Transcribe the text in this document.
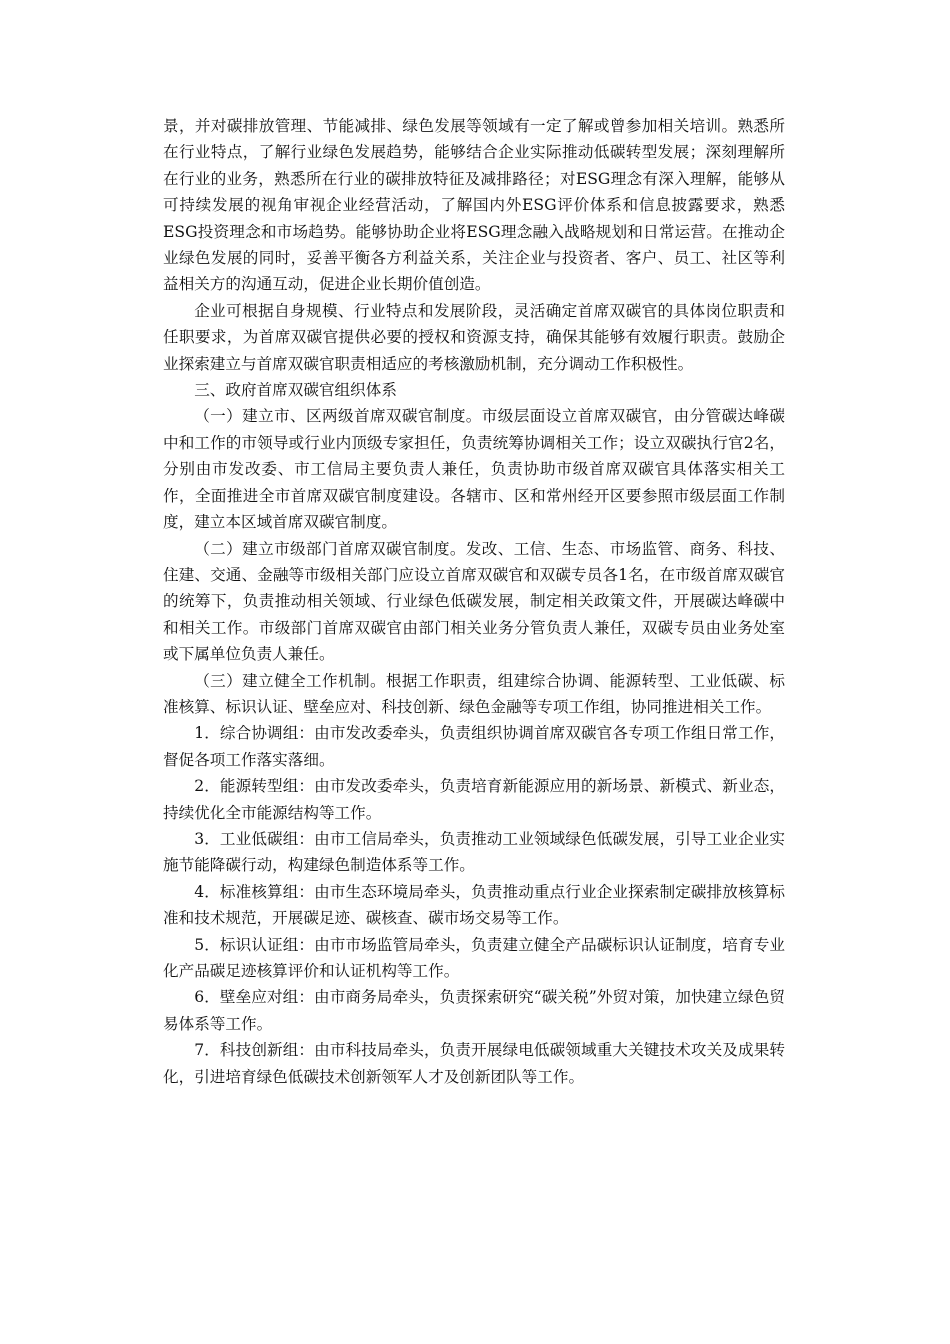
景，并对碳排放管理、节能减排、绿色发展等领域有一定了解或曾参加相关培训。熟悉所在行业特点，了解行业绿色发展趋势，能够结合企业实际推动低碳转型发展；深刻理解所在行业的业务，熟悉所在行业的碳排放特征及减排路径；对ESG理念有深入理解，能够从可持续发展的视角审视企业经营活动，了解国内外ESG评价体系和信息披露要求，熟悉ESG投资理念和市场趋势。能够协助企业将ESG理念融入战略规划和日常运营。在推动企业绿色发展的同时，妥善平衡各方利益关系，关注企业与投资者、客户、员工、社区等利益相关方的沟通互动，促进企业长期价值创造。

企业可根据自身规模、行业特点和发展阶段，灵活确定首席双碳官的具体岗位职责和任职要求，为首席双碳官提供必要的授权和资源支持，确保其能够有效履行职责。鼓励企业探索建立与首席双碳官职责相适应的考核激励机制，充分调动工作积极性。

三、政府首席双碳官组织体系

（一）建立市、区两级首席双碳官制度。市级层面设立首席双碳官，由分管碳达峰碳中和工作的市领导或行业内顶级专家担任，负责统筹协调相关工作；设立双碳执行官2名，分别由市发改委、市工信局主要负责人兼任，负责协助市级首席双碳官具体落实相关工作，全面推进全市首席双碳官制度建设。各辖市、区和常州经开区要参照市级层面工作制度，建立本区域首席双碳官制度。

（二）建立市级部门首席双碳官制度。发改、工信、生态、市场监管、商务、科技、住建、交通、金融等市级相关部门应设立首席双碳官和双碳专员各1名，在市级首席双碳官的统筹下，负责推动相关领域、行业绿色低碳发展，制定相关政策文件，开展碳达峰碳中和相关工作。市级部门首席双碳官由部门相关业务分管负责人兼任，双碳专员由业务处室或下属单位负责人兼任。

（三）建立健全工作机制。根据工作职责，组建综合协调、能源转型、工业低碳、标准核算、标识认证、壁垒应对、科技创新、绿色金融等专项工作组，协同推进相关工作。

1．综合协调组：由市发改委牵头，负责组织协调首席双碳官各专项工作组日常工作，督促各项工作落实落细。

2．能源转型组：由市发改委牵头，负责培育新能源应用的新场景、新模式、新业态，持续优化全市能源结构等工作。

3．工业低碳组：由市工信局牵头，负责推动工业领域绿色低碳发展，引导工业企业实施节能降碳行动，构建绿色制造体系等工作。

4．标准核算组：由市生态环境局牵头，负责推动重点行业企业探索制定碳排放核算标准和技术规范，开展碳足迹、碳核查、碳市场交易等工作。

5．标识认证组：由市市场监管局牵头，负责建立健全产品碳标识认证制度，培育专业化产品碳足迹核算评价和认证机构等工作。

6．壁垒应对组：由市商务局牵头，负责探索研究“碳关税”外贸对策，加快建立绿色贸易体系等工作。

7．科技创新组：由市科技局牵头，负责开展绿电低碳领域重大关键技术攻关及成果转化，引进培育绿色低碳技术创新领军人才及创新团队等工作。
